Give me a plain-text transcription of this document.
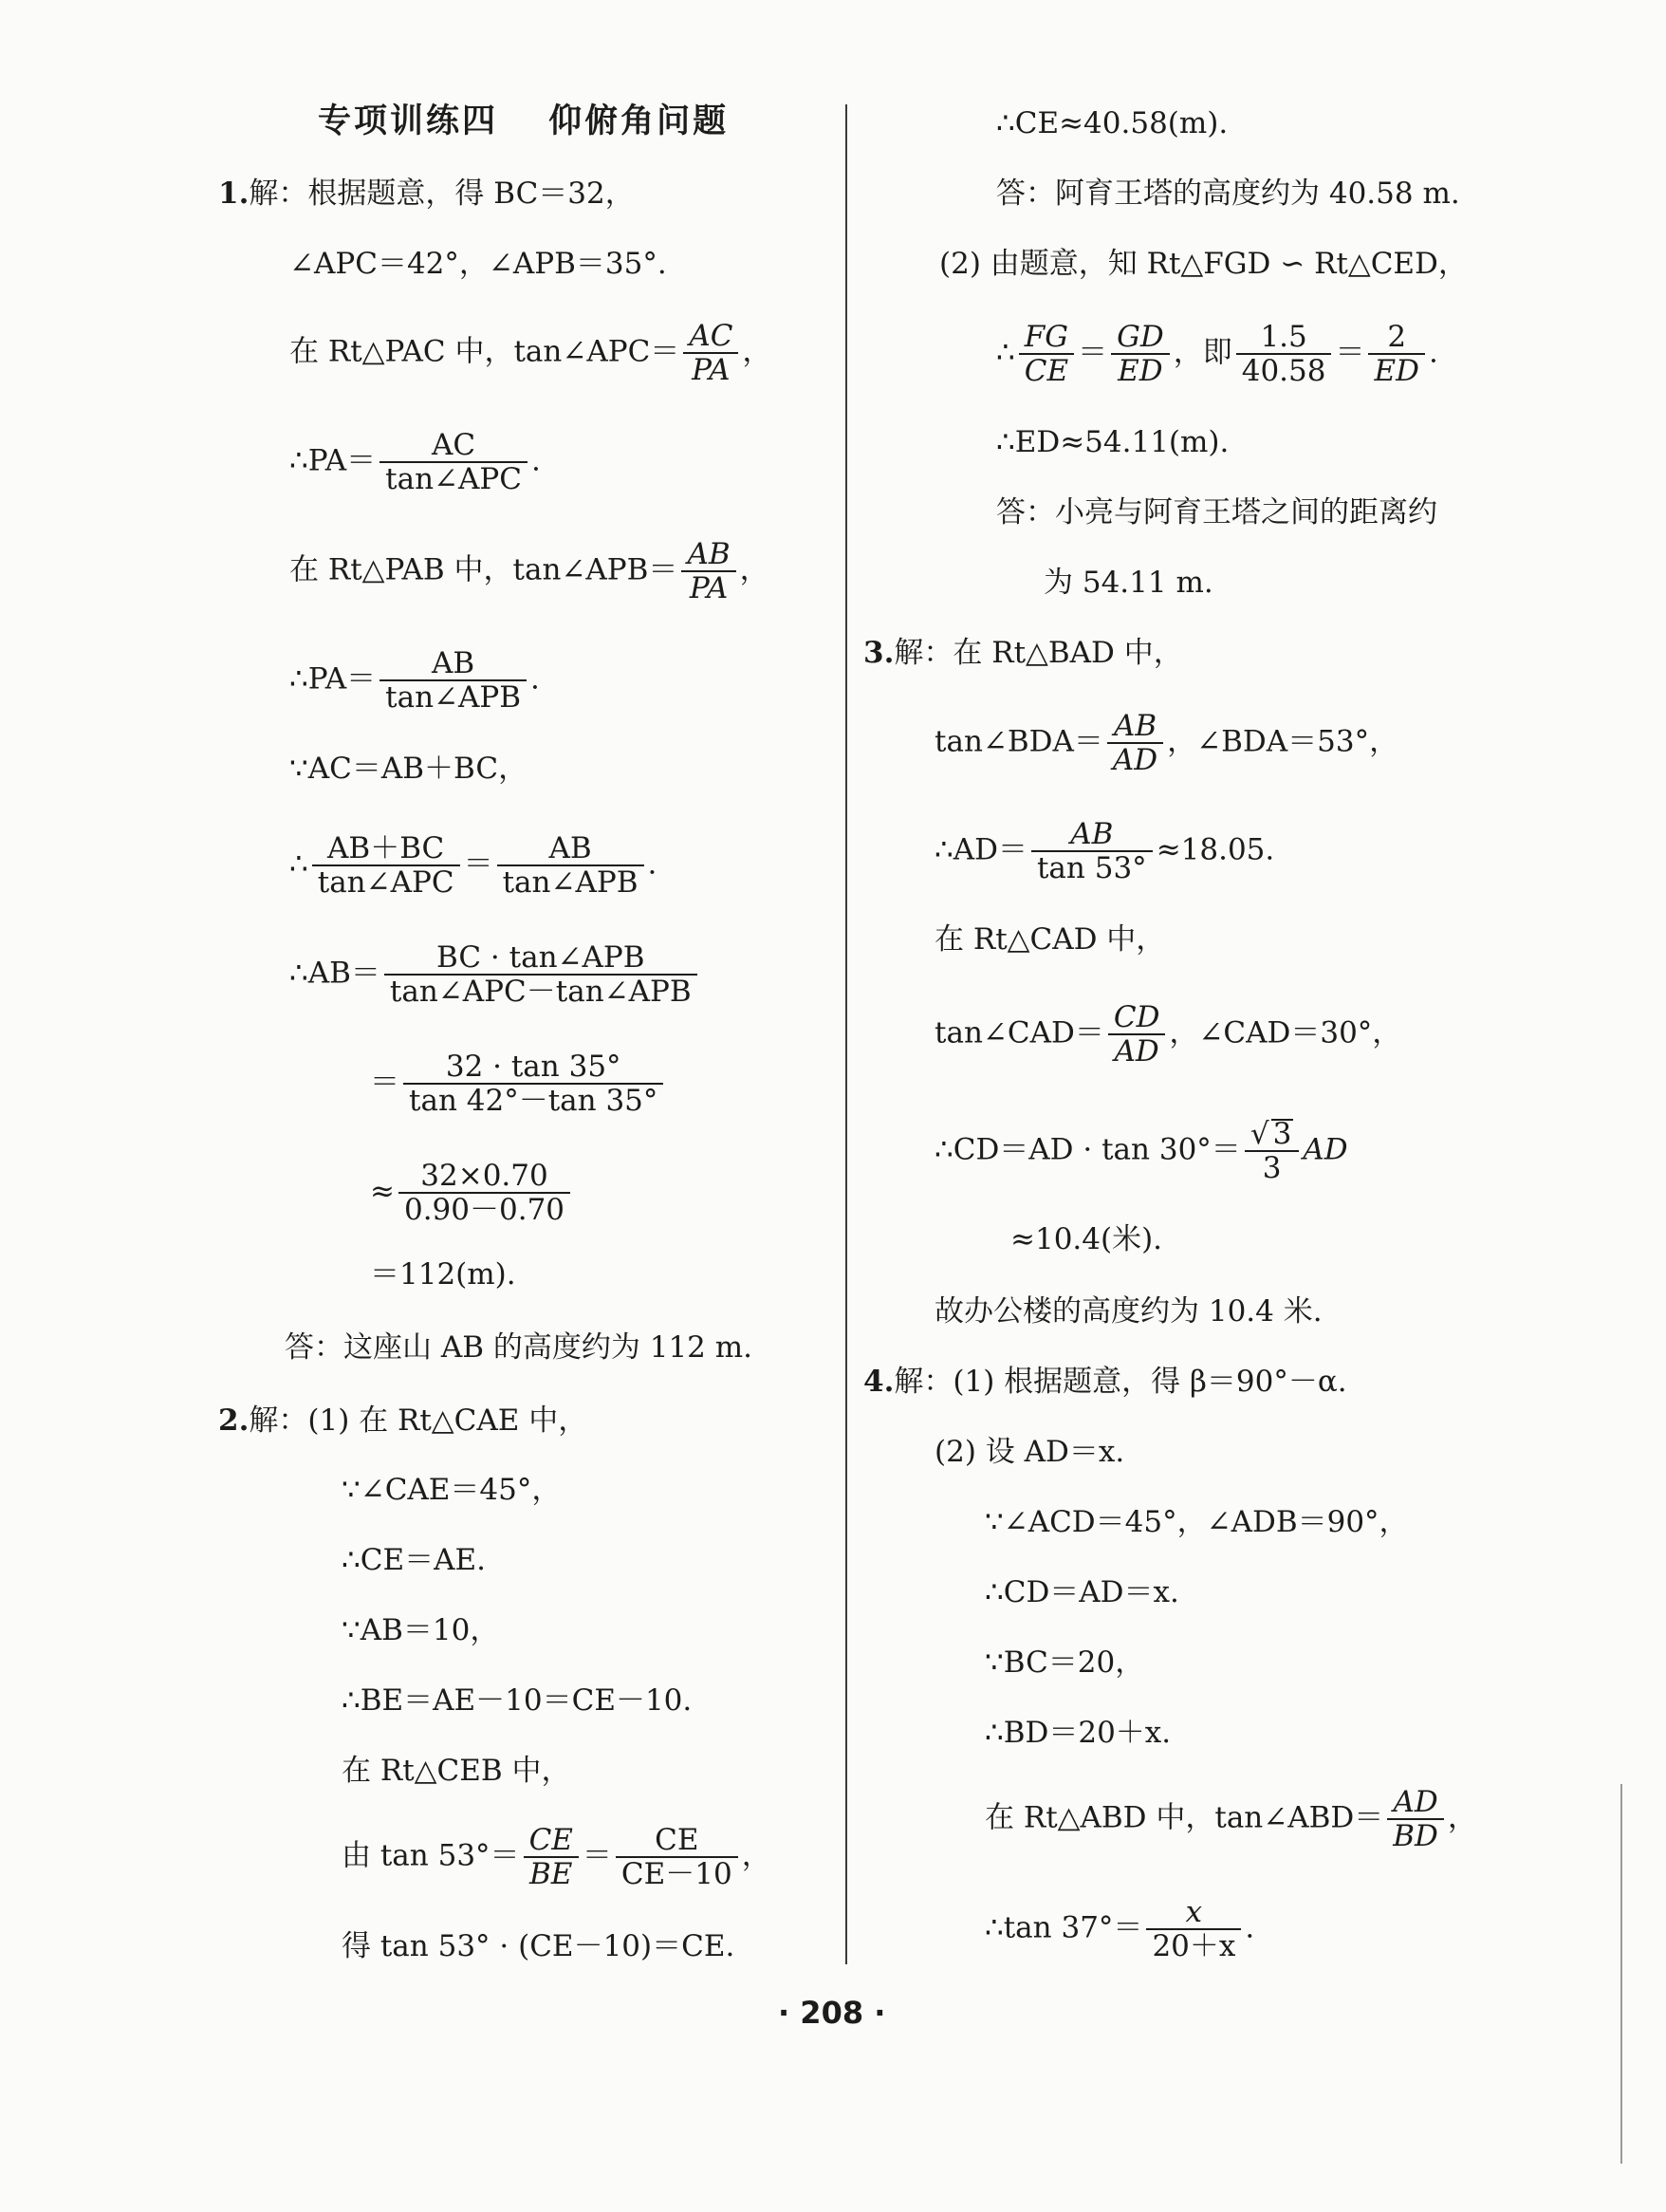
专项训练四　 仰俯角问题
1.解：根据题意，得 BC＝32，
∠APC＝42°，∠APB＝35°.
在 Rt△PAC 中，tan∠APC＝ $\frac{AC}{PA}$ ，
∴PA＝ $\frac{AC}{\text{tan∠APC}}$ .
在 Rt△PAB 中，tan∠APB＝ $\frac{AB}{PA}$ ，
∴PA＝ $\frac{AB}{\text{tan∠APB}}$ .
∵AC＝AB＋BC，
∴ $\frac{AB+BC}{\text{tan∠APC}} = \frac{AB}{\text{tan∠APB}}$ .
∴AB＝ $\frac{\text{BC · tan∠APB}}{\text{tan∠APC－tan∠APB}}$
＝ $\frac{32 \cdot \tan 35^\circ}{\tan 42^\circ-\tan 35^\circ}$
≈ $\frac{32\times 0.70}{0.90-0.70}$
＝112(m).
答：这座山 AB 的高度约为 112 m.
2.解：(1) 在 Rt△CAE 中，
∵∠CAE＝45°，
∴CE＝AE.
∵AB＝10，
∴BE＝AE－10＝CE－10.
在 Rt△CEB 中，
由 $\tan 53^\circ= \frac{CE}{BE} = \frac{CE}{CE-10}$ ，
得 tan 53° · (CE－10)＝CE.
∴CE≈40.58(m).
答：阿育王塔的高度约为 40.58 m.
(2) 由题意，知 Rt△FGD ∽ Rt△CED，
∴ $\frac{FG}{CE} = \frac{GD}{ED}$ ，即 $\frac{1.5}{40.58} = \frac{2}{ED}$ .
∴ED≈54.11(m).
答：小亮与阿育王塔之间的距离约
为 54.11 m.
3.解：在 Rt△BAD 中，
tan∠BDA＝ $\frac{AB}{AD}$ ，∠BDA＝53°，
∴AD＝ $\frac{AB}{\tan 53^\circ} \approx 18.05$.
在 Rt△CAD 中，
tan∠CAD＝ $\frac{CD}{AD}$ ，∠CAD＝30°，
∴CD＝AD · $\tan 30^\circ= \frac{√ 3}{3}$ AD
≈10.4(米).
故办公楼的高度约为 10.4 米.
4.解：(1) 根据题意，得 β＝90°－α.
(2) 设 AD＝x.
∵∠ACD＝45°，∠ADB＝90°，
∴CD＝AD＝x.
∵BC＝20，
∴BD＝20＋x.
在 Rt△ABD 中，tan∠ABD＝ $\frac{AD}{BD}$ ，
∴tan $37^\circ= \frac{x}{20+x}$ .
· 208 ·
